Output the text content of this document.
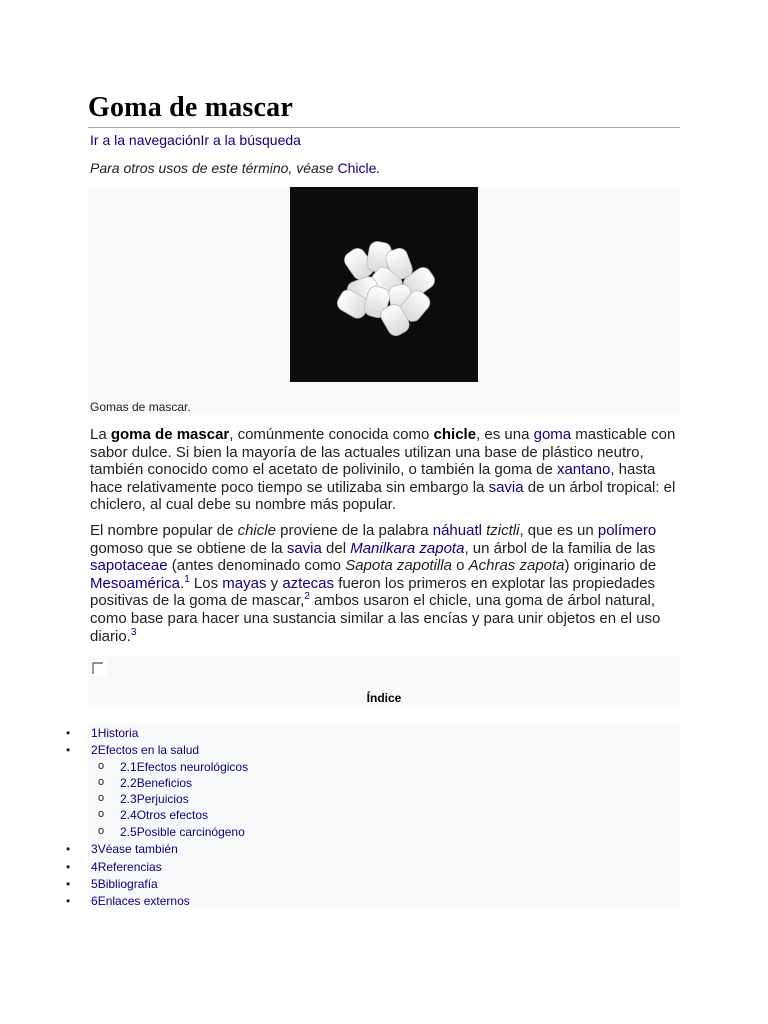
Goma de mascar
Ir a la navegaciónIr a la búsqueda
Para otros usos de este término, véase Chicle.
Gomas de mascar.

La goma de mascar, comúnmente conocida como chicle, es una goma masticable con sabor dulce. Si bien la mayoría de las actuales utilizan una base de plástico neutro, también conocido como el acetato de polivinilo, o también la goma de xantano, hasta hace relativamente poco tiempo se utilizaba sin embargo la savia de un árbol tropical: el chiclero, al cual debe su nombre más popular.

El nombre popular de chicle proviene de la palabra náhuatl tzictli, que es un polímero gomoso que se obtiene de la savia del Manilkara zapota, un árbol de la familia de las sapotaceae (antes denominado como Sapota zapotilla o Achras zapota) originario de Mesoamérica.$^1$ Los mayas y aztecas fueron los primeros en explotar las propiedades positivas de la goma de mascar,$^2$ ambos usaron el chicle, una goma de árbol natural, como base para hacer una sustancia similar a las encías y para unir objetos en el uso diario.$^3$

Índice
• 1Historia
• 2Efectos en la salud
o 2.1Efectos neurológicos
o 2.2Beneficios
o 2.3Perjuicios
o 2.4Otros efectos
o 2.5Posible carcinógeno
• 3Véase también
• 4Referencias
• 5Bibliografía
• 6Enlaces externos
